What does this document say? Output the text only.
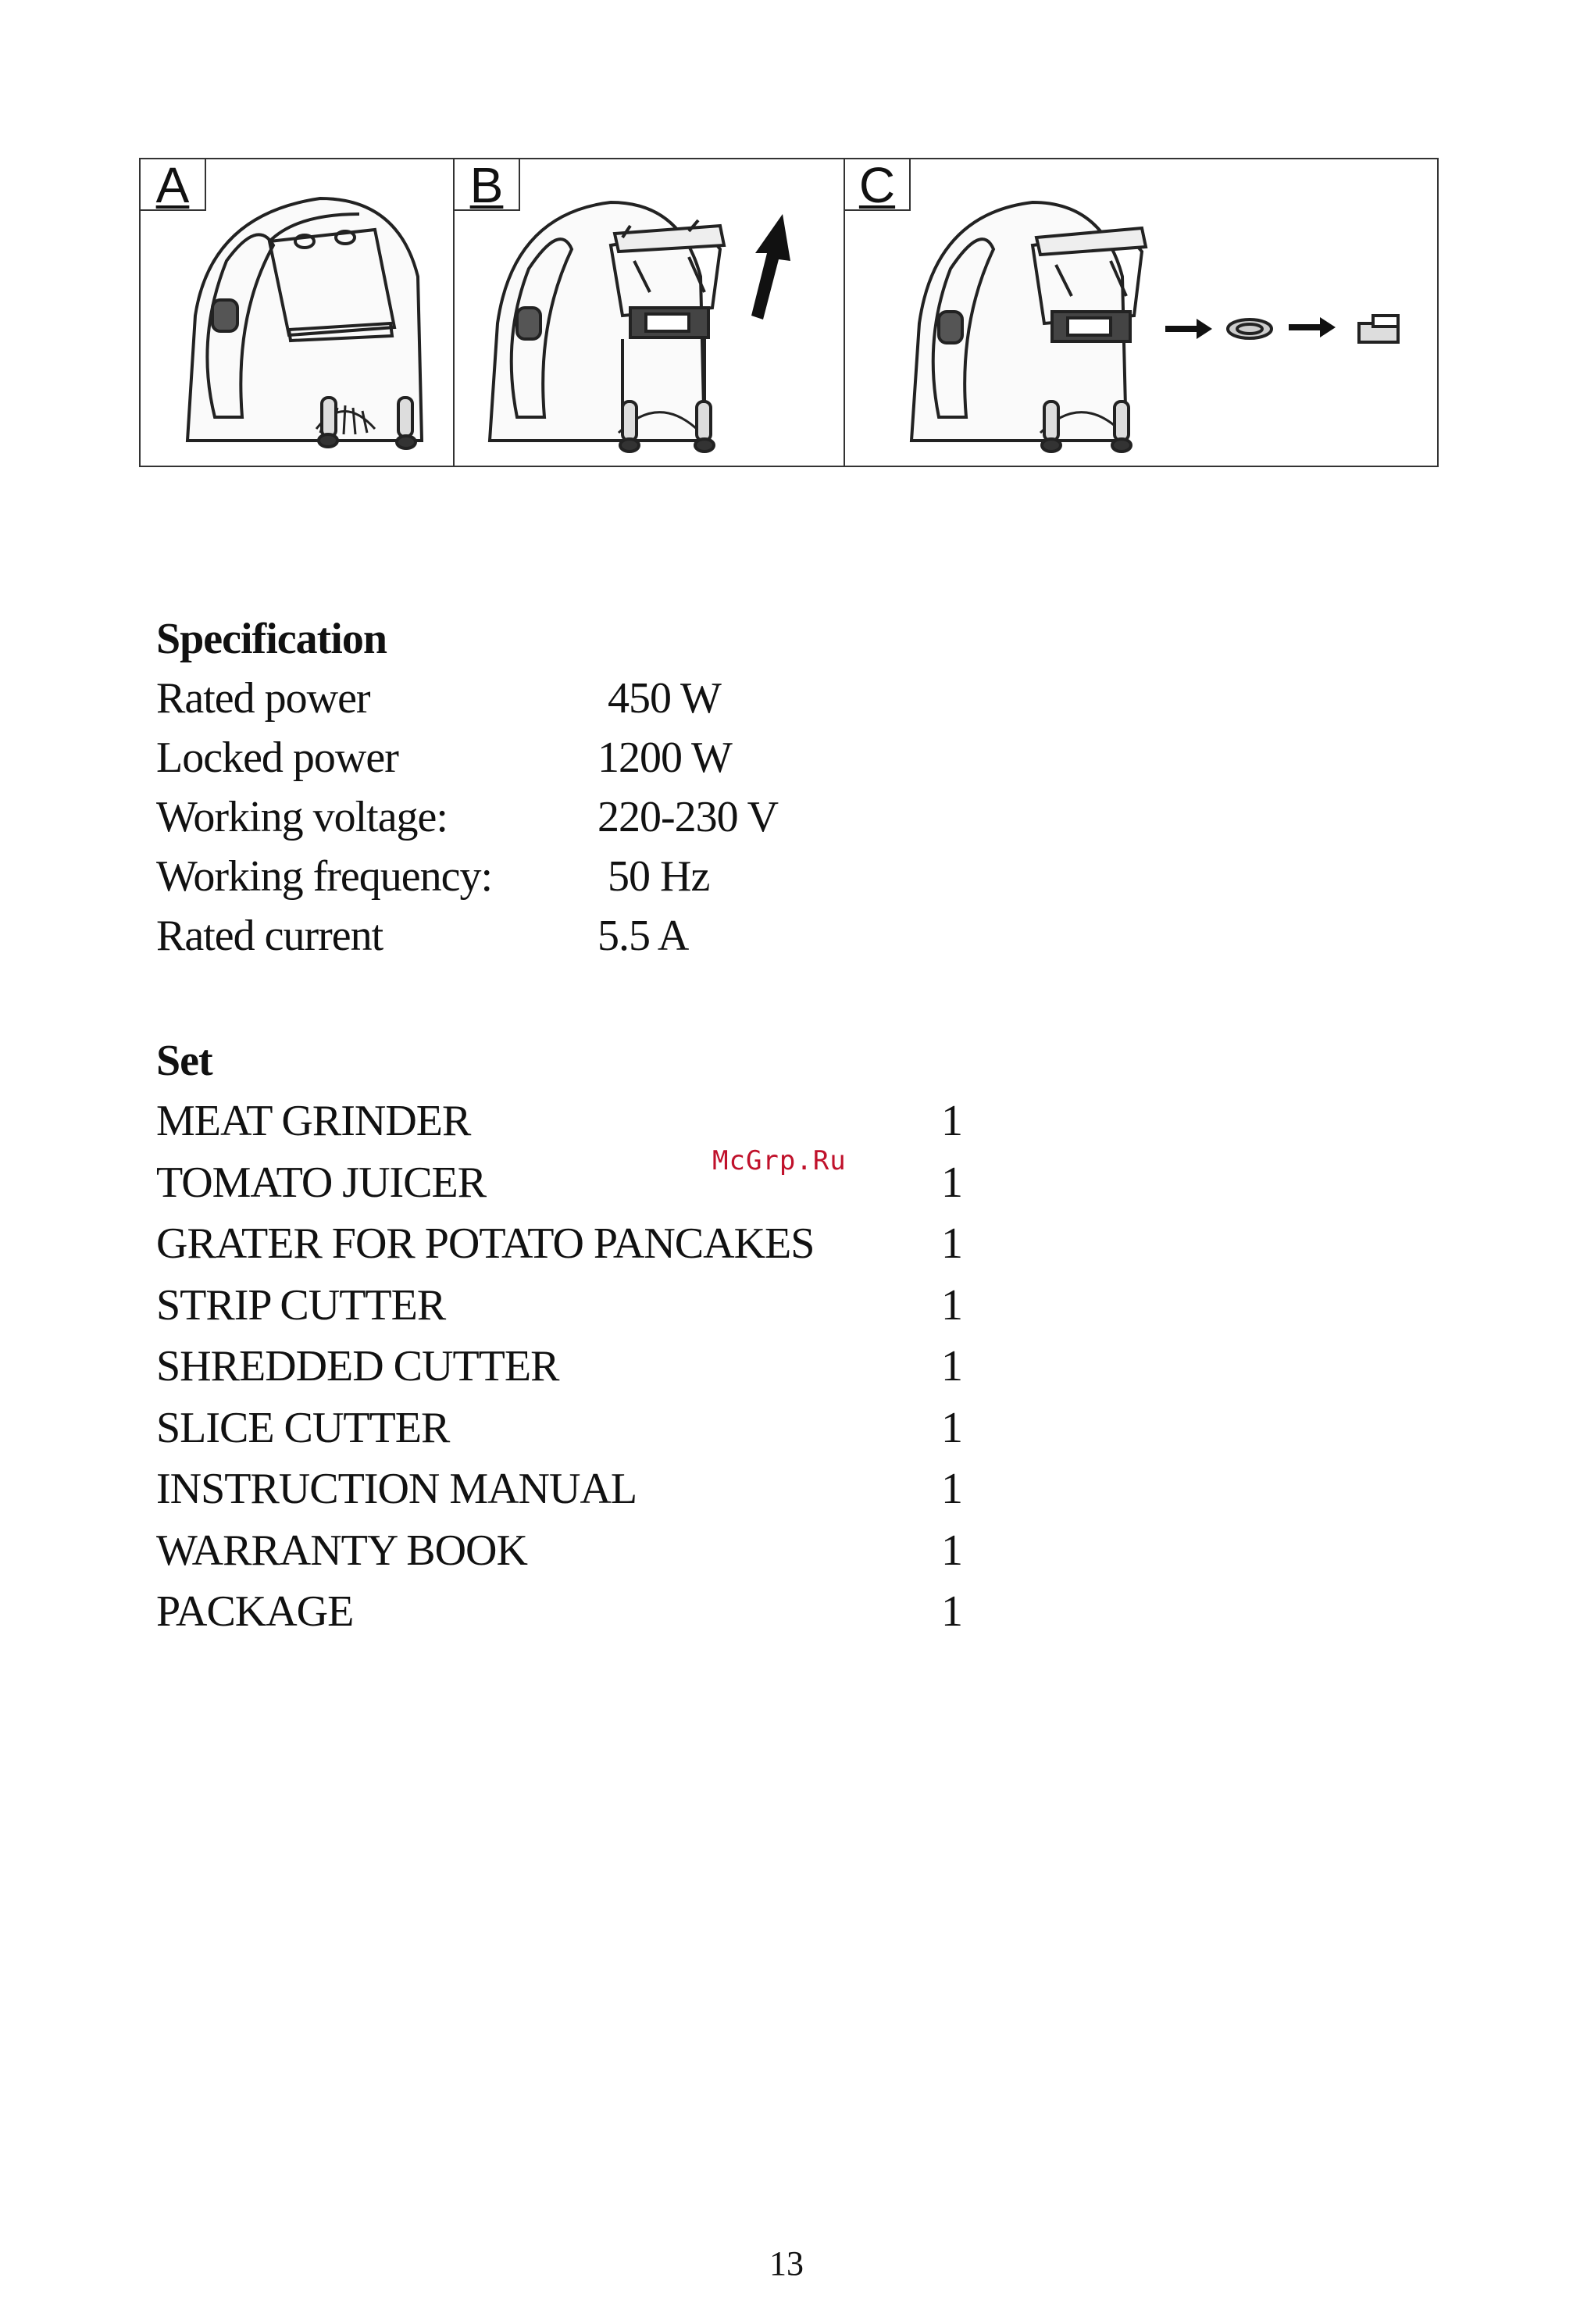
A	B	C
Specification
Rated power	450 W
Locked power	1200 W
Working voltage:	220-230 V
Working frequency:	50 Hz
Rated current	5.5 A
Set
MEAT GRINDER	1
TOMATO JUICER	1
GRATER FOR POTATO PANCAKES	1
STRIP CUTTER	1
SHREDDED CUTTER	1
SLICE CUTTER	1
INSTRUCTION MANUAL	1
WARRANTY BOOK	1
PACKAGE	1
McGrp.Ru
13
